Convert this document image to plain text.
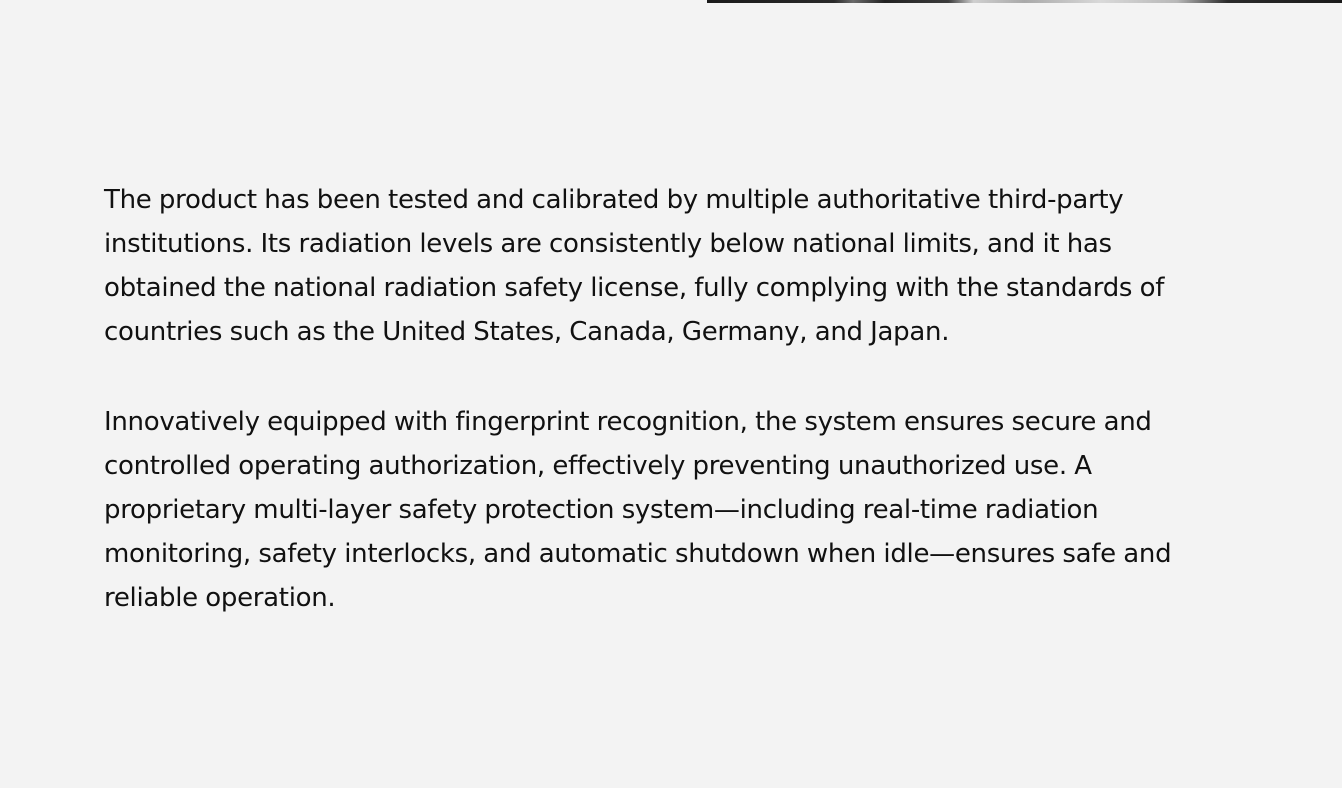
The product has been tested and calibrated by multiple authoritative third-party institutions. Its radiation levels are consistently below national limits, and it has obtained the national radiation safety license, fully complying with the standards of countries such as the United States, Canada, Germany, and Japan.

Innovatively equipped with fingerprint recognition, the system ensures secure and controlled operating authorization, effectively preventing unauthorized use. A proprietary multi-layer safety protection system—including real-time radiation monitoring, safety interlocks, and automatic shutdown when idle—ensures safe and reliable operation.
